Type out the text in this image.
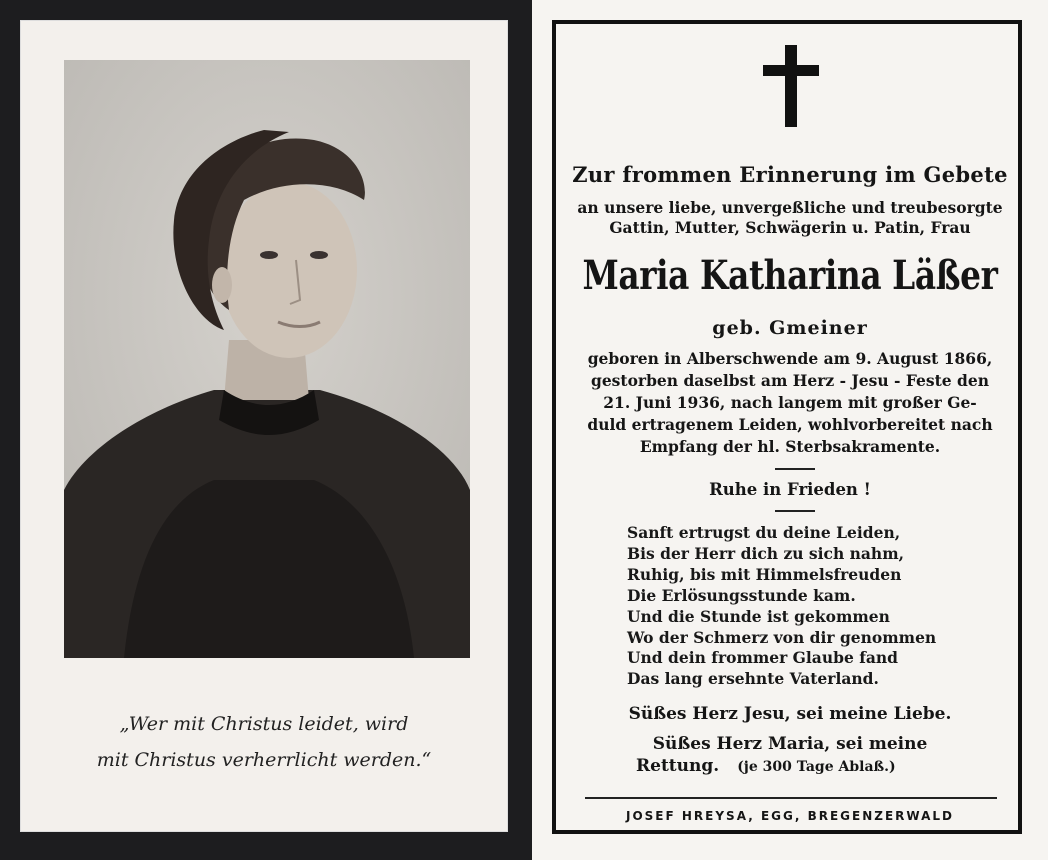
„Wer mit Christus leidet, wird
mit Christus verherrlicht werden.“
Zur frommen Erinnerung im Gebete
an unsere liebe, unvergeßliche und treubesorgte
Gattin, Mutter, Schwägerin u. Patin, Frau
Maria Katharina Läßer
geb. Gmeiner
geboren in Alberschwende am 9. August 1866,
gestorben daselbst am Herz - Jesu - Feste den
21. Juni 1936, nach langem mit großer Ge-
duld ertragenem Leiden, wohlvorbereitet nach
Empfang der hl. Sterbsakramente.
Ruhe in Frieden !
Sanft ertrugst du deine Leiden,
Bis der Herr dich zu sich nahm,
Ruhig, bis mit Himmelsfreuden
Die Erlösungsstunde kam.
Und die Stunde ist gekommen
Wo der Schmerz von dir genommen
Und dein frommer Glaube fand
Das lang ersehnte Vaterland.
Süßes Herz Jesu, sei meine Liebe.
Süßes Herz Maria, sei meine
Rettung. (je 300 Tage Ablaß.)
JOSEF HREYSA, EGG, BREGENZERWALD
